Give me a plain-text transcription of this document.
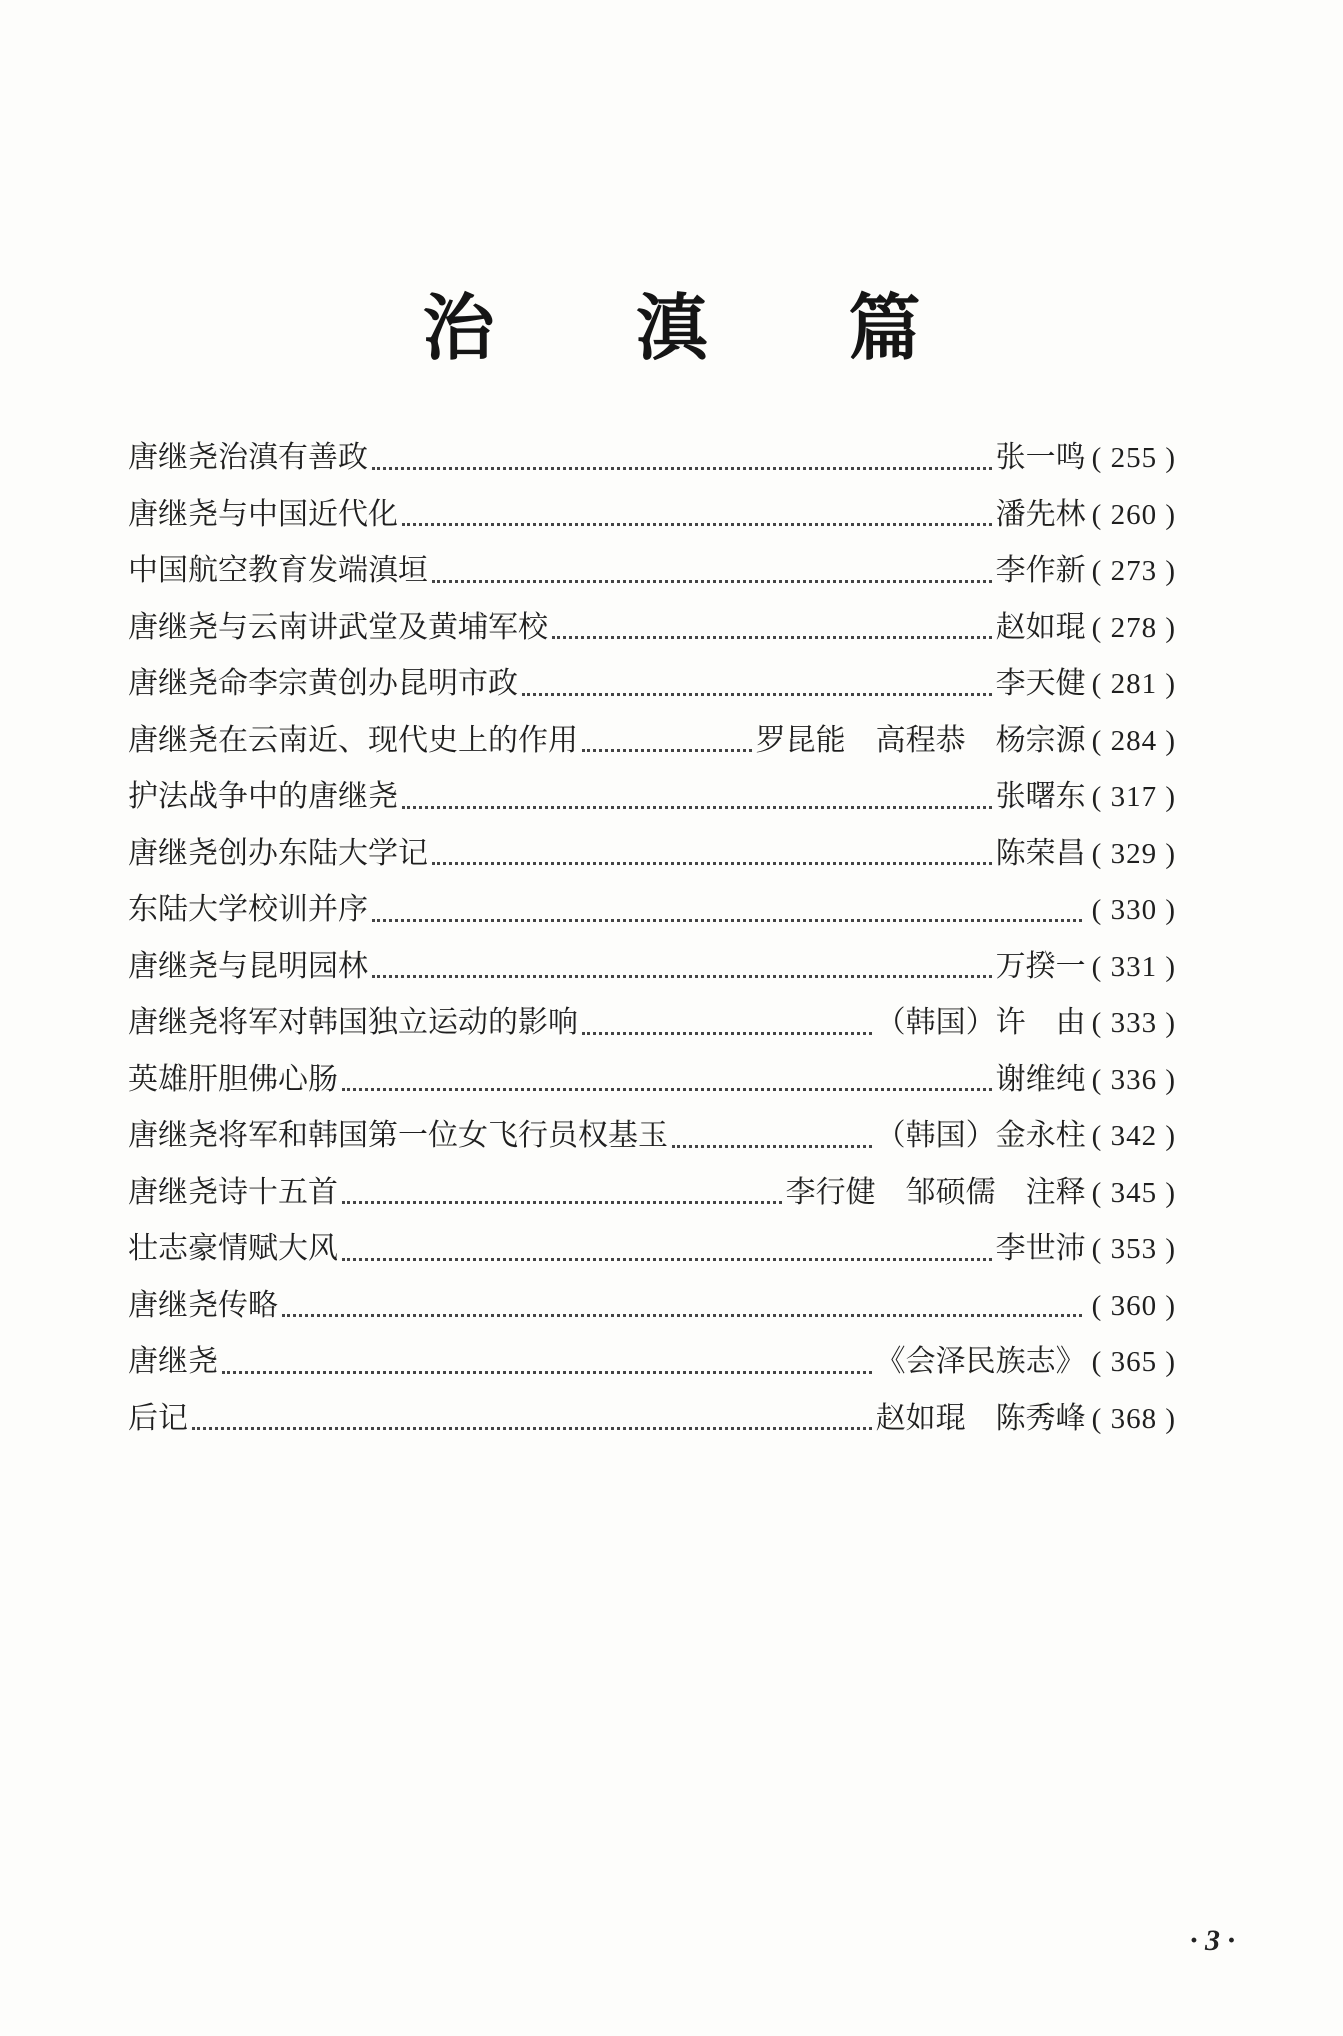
治 滇 篇
唐继尧治滇有善政	张一鸣 ( 255 )
唐继尧与中国近代化	潘先林 ( 260 )
中国航空教育发端滇垣	李作新 ( 273 )
唐继尧与云南讲武堂及黄埔军校	赵如琨 ( 278 )
唐继尧命李宗黄创办昆明市政	李天健 ( 281 )
唐继尧在云南近、现代史上的作用	罗昆能　高程恭　杨宗源 ( 284 )
护法战争中的唐继尧	张曙东 ( 317 )
唐继尧创办东陆大学记	陈荣昌 ( 329 )
东陆大学校训并序	( 330 )
唐继尧与昆明园林	万揆一 ( 331 )
唐继尧将军对韩国独立运动的影响	（韩国）许　由 ( 333 )
英雄肝胆佛心肠	谢维纯 ( 336 )
唐继尧将军和韩国第一位女飞行员权基玉	（韩国）金永柱 ( 342 )
唐继尧诗十五首	李行健　邹硕儒　注释 ( 345 )
壮志豪情赋大风	李世沛 ( 353 )
唐继尧传略	( 360 )
唐继尧	《会泽民族志》 ( 365 )
后记	赵如琨　陈秀峰 ( 368 )
· 3 ·
